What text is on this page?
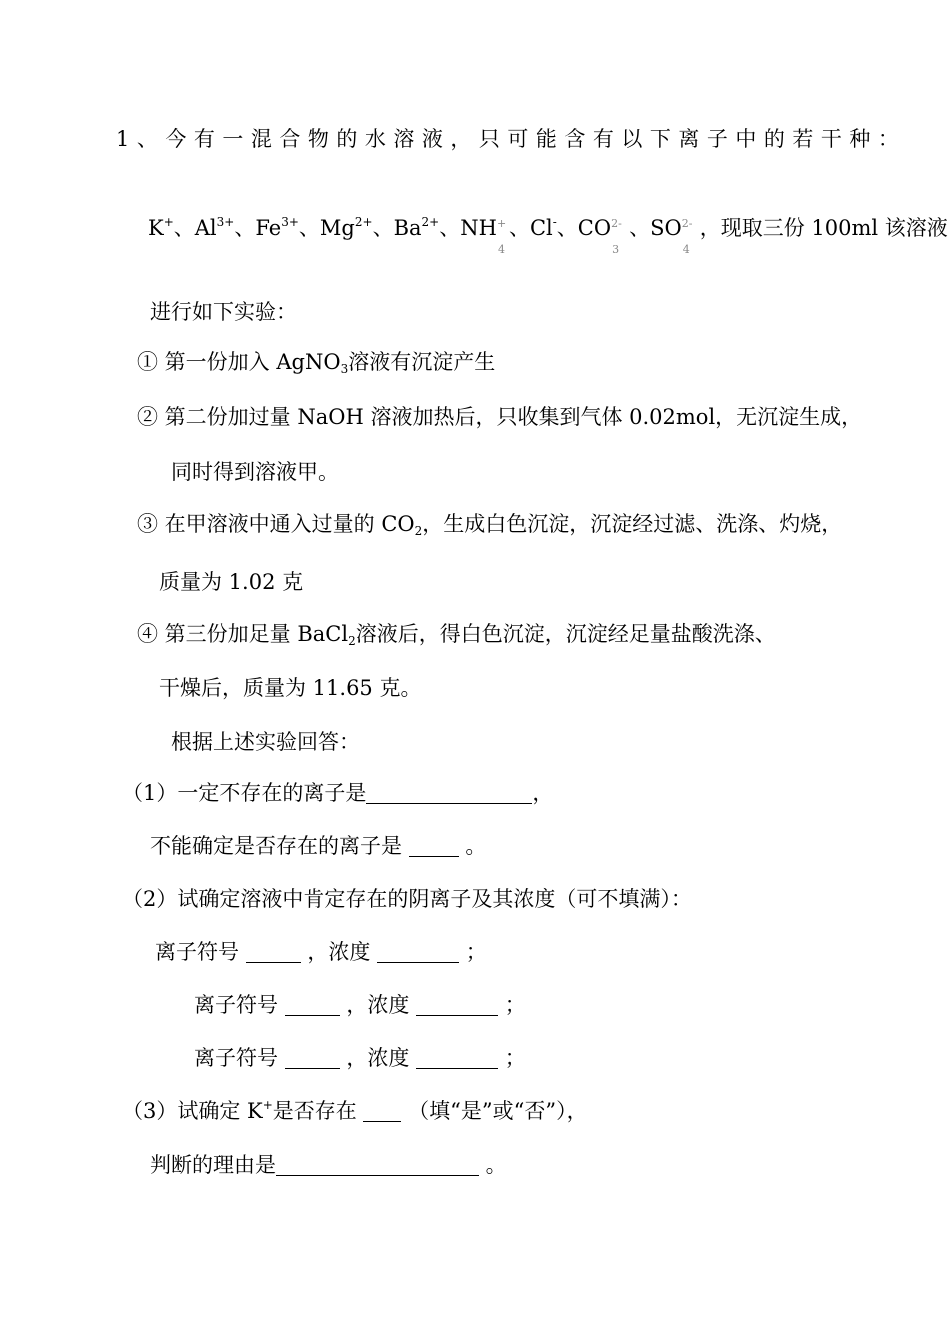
1、今有一混合物的水溶液，只可能含有以下离子中的若干种：
K+、$Al^{3+}$、$Fe^{3+}$、$Mg^{2+}$、$Ba^{2+}$、NH +
4
、Cl-、CO 2-
3
、SO 2-
4
，现取三份 100ml 该溶液
进行如下实验：
① 第一份加入 AgNO$_3$溶液有沉淀产生
② 第二份加过量 NaOH 溶液加热后，只收集到气体 0.02mol，无沉淀生成，
同时得到溶液甲。
③ 在甲溶液中通入过量的 $CO_2$，生成白色沉淀，沉淀经过滤、洗涤、灼烧，
质量为 1.02 克
④ 第三份加足量 BaCl$_2$溶液后，得白色沉淀，沉淀经足量盐酸洗涤、
干燥后，质量为 11.65 克。
根据上述实验回答：
（1）一定不存在的离子是	，
不能确定是否存在的离子是  。
（2）试确定溶液中肯定存在的阴离子及其浓度（可不填满）：
离子符号	，浓度	；
离子符号	，浓度	；
离子符号	，浓度	；
（3）试确定 K+是否存在  （填“是”或“否”），
判断的理由是	。
